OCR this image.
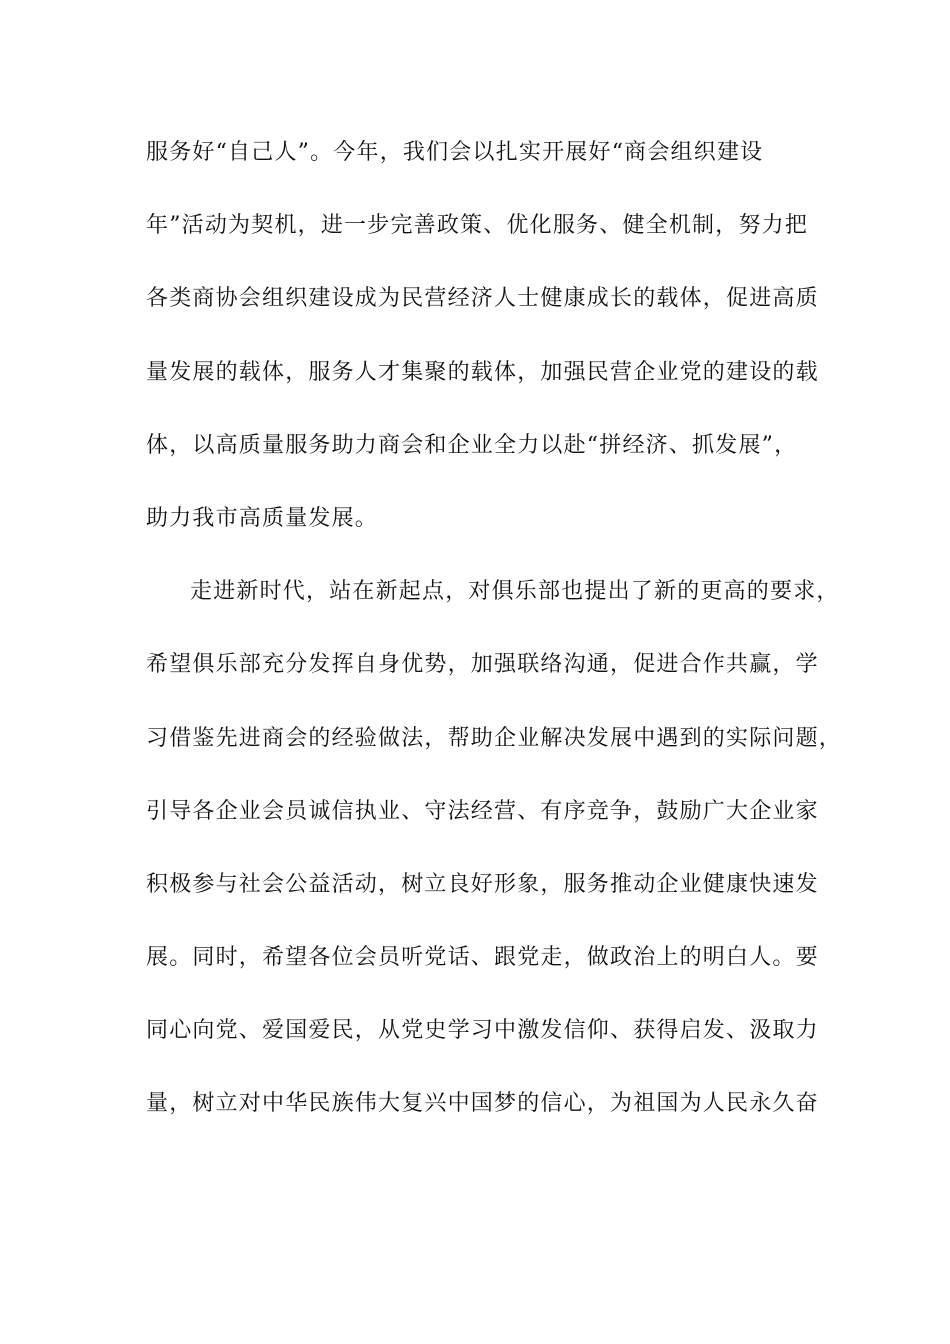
服务好“自己人”。今年，我们会以扎实开展好“商会组织建设
年”活动为契机，进一步完善政策、优化服务、健全机制，努力把
各类商协会组织建设成为民营经济人士健康成长的载体，促进高质
量发展的载体，服务人才集聚的载体，加强民营企业党的建设的载
体，以高质量服务助力商会和企业全力以赴“拼经济、抓发展”，
助力我市高质量发展。
走进新时代，站在新起点，对俱乐部也提出了新的更高的要求，
希望俱乐部充分发挥自身优势，加强联络沟通，促进合作共赢，学
习借鉴先进商会的经验做法，帮助企业解决发展中遇到的实际问题，
引导各企业会员诚信执业、守法经营、有序竞争，鼓励广大企业家
积极参与社会公益活动，树立良好形象，服务推动企业健康快速发
展。同时，希望各位会员听党话、跟党走，做政治上的明白人。要
同心向党、爱国爱民，从党史学习中激发信仰、获得启发、汲取力
量，树立对中华民族伟大复兴中国梦的信心，为祖国为人民永久奋
